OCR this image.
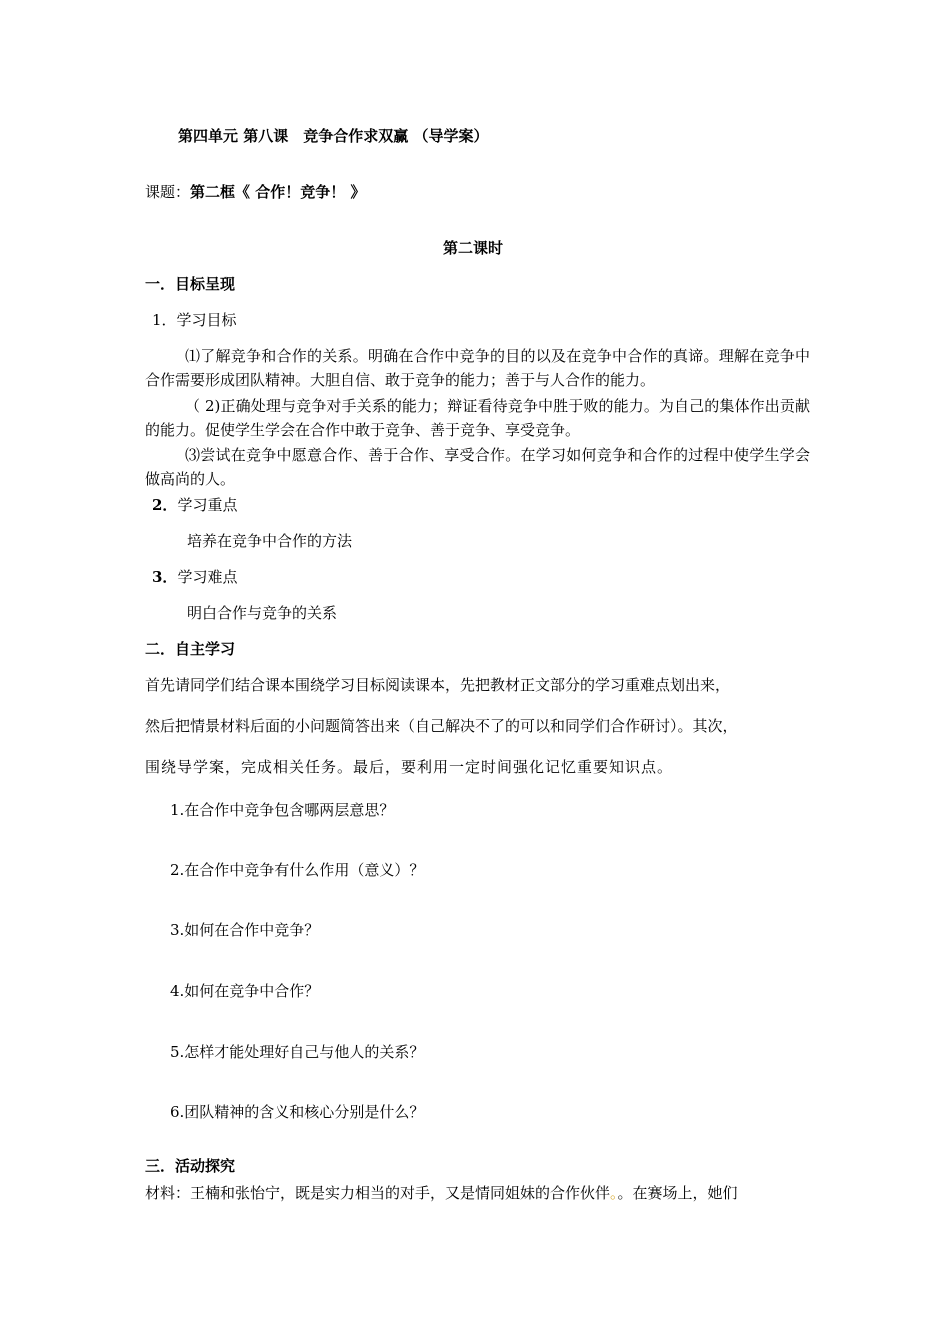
第四单元 第八课　竞争合作求双赢 （导学案）
课题：第二框《 合作！竞争！ 》
第二课时
一．目标呈现
1．学习目标
⑴了解竞争和合作的关系。明确在合作中竞争的目的以及在竞争中合作的真谛。理解在竞争中合作需要形成团队精神。大胆自信、敢于竞争的能力；善于与人合作的能力。
（ 2)正确处理与竞争对手关系的能力；辩证看待竞争中胜于败的能力。为自己的集体作出贡献的能力。促使学生学会在合作中敢于竞争、善于竞争、享受竞争。
⑶尝试在竞争中愿意合作、善于合作、享受合作。在学习如何竞争和合作的过程中使学生学会做高尚的人。
2．学习重点
培养在竞争中合作的方法
3．学习难点
明白合作与竞争的关系
二．自主学习
首先请同学们结合课本围绕学习目标阅读课本，先把教材正文部分的学习重难点划出来，
然后把情景材料后面的小问题简答出来（自己解决不了的可以和同学们合作研讨）。其次，
围绕导学案，完成相关任务。最后，要利用一定时间强化记忆重要知识点。
1.在合作中竞争包含哪两层意思？
2.在合作中竞争有什么作用（意义）？
3.如何在合作中竞争？
4.如何在竞争中合作？
5.怎样才能处理好自己与他人的关系？
6.团队精神的含义和核心分别是什么？
三．活动探究
材料：王楠和张怡宁，既是实力相当的对手，又是情同姐妹的合作伙伴。。在赛场上，她们
